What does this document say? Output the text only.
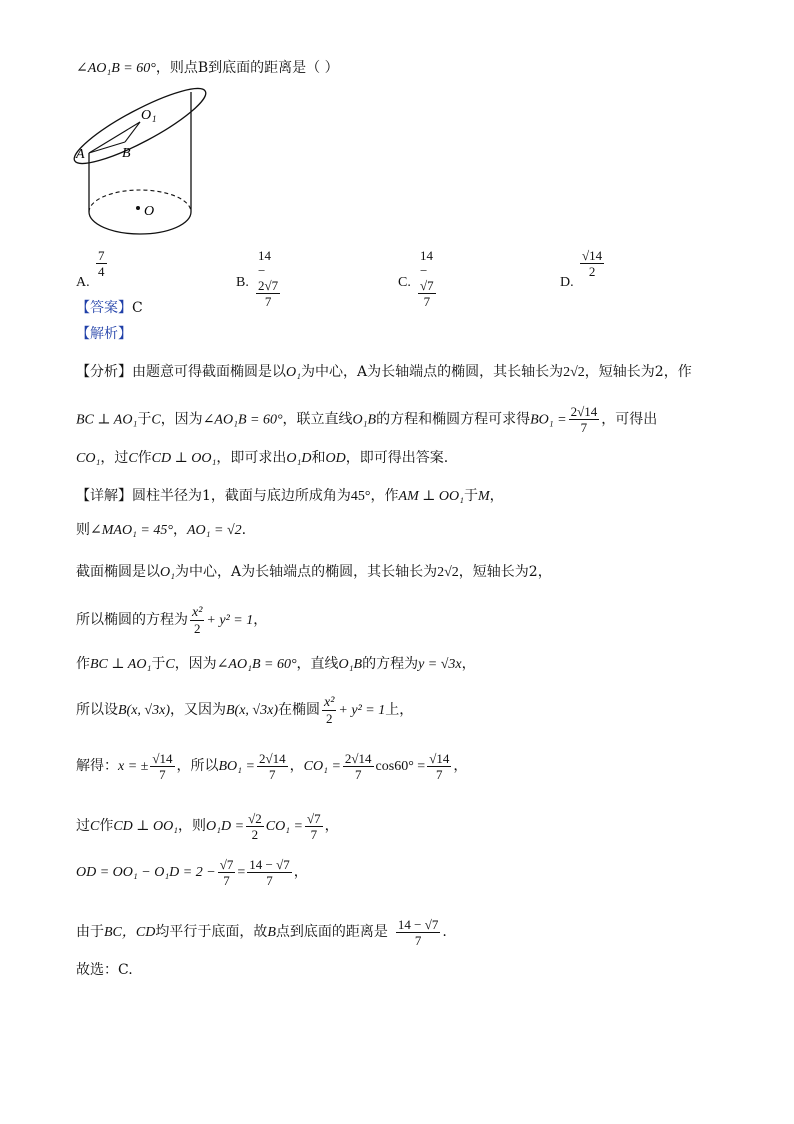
∠AO₁B = 60°，则点B到底面的距离是（ ）
A	B
O 1
O
A.
$\frac{7}{4}$
B. $\frac{14 - 2√7}{7}$	C. $\frac{14 - √7}{7}$	D.
$\frac{√14}{2}$
【答案】C
【解析】
【分析】由题意可得截面椭圆是以O₁为中心，A为长轴端点的椭圆，其长轴长为2√2，短轴长为2，作
BC ⊥ AO₁于C，因为∠AO₁B = 60°，联立直线O₁B的方程和椭圆方程可求得$BO_1 = \frac{2√14}{7}$ ，可得出
CO₁，过C作CD ⊥ OO₁，即可求出O₁D和OD，即可得出答案.
【详解】圆柱半径为1，截面与底边所成角为45°，作AM ⊥ OO₁于M，
则∠MAO₁ = 45°，AO₁ = √2.
截面椭圆是以O₁为中心，A为长轴端点的椭圆，其长轴长为2√2，短轴长为2，
所以椭圆的方程为 $\frac{\text{x²}}{2} + y^2 = 1$，
作BC ⊥ AO₁于C，因为∠AO₁B = 60°，直线O₁B的方程为y = √3x，
所以设B(x, √3x)，又因为B(x, √3x)在椭圆 $\frac{\text{x²}}{2} + y^2 = 1$上，
解得：x = ± $\frac{√14}{7}$ ，所以$BO_1 = \frac{2√14}{7}$ ，$CO_1 = \frac{2√14}{7} \cos 60^\circ = \frac{√14}{7}$ ，
过C作CD ⊥ OO₁，则$O_1D = \frac{√2}{2} CO_1 = \frac{√7}{7}$ ，
OD = $OO_1 - O_1D = 2 - \frac{√7}{7} = \frac{14 - √7}{7}$ ，
由于BC，CD均平行于底面，故B点到底面的距离是 $\frac{14 - √7}{7}$ .
故选：C.
